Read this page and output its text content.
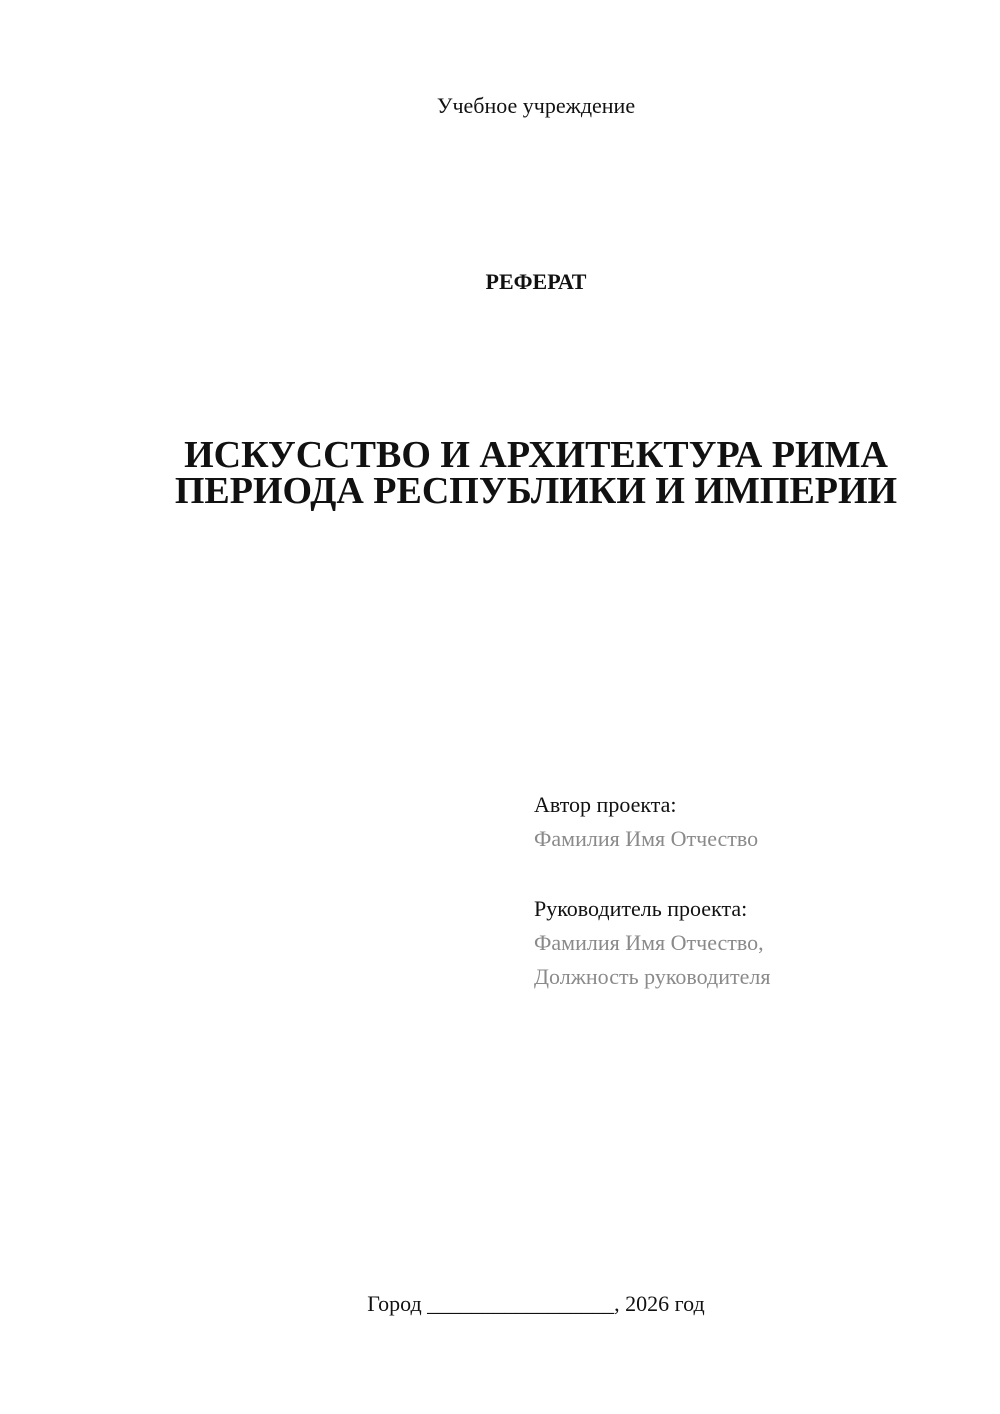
Учебное учреждение
РЕФЕРАТ
ИСКУССТВО И АРХИТЕКТУРА РИМА
ПЕРИОДА РЕСПУБЛИКИ И ИМПЕРИИ
Автор проекта:
Фамилия Имя Отчество
Руководитель проекта:
Фамилия Имя Отчество,
Должность руководителя
Город _________________, 2026 год
